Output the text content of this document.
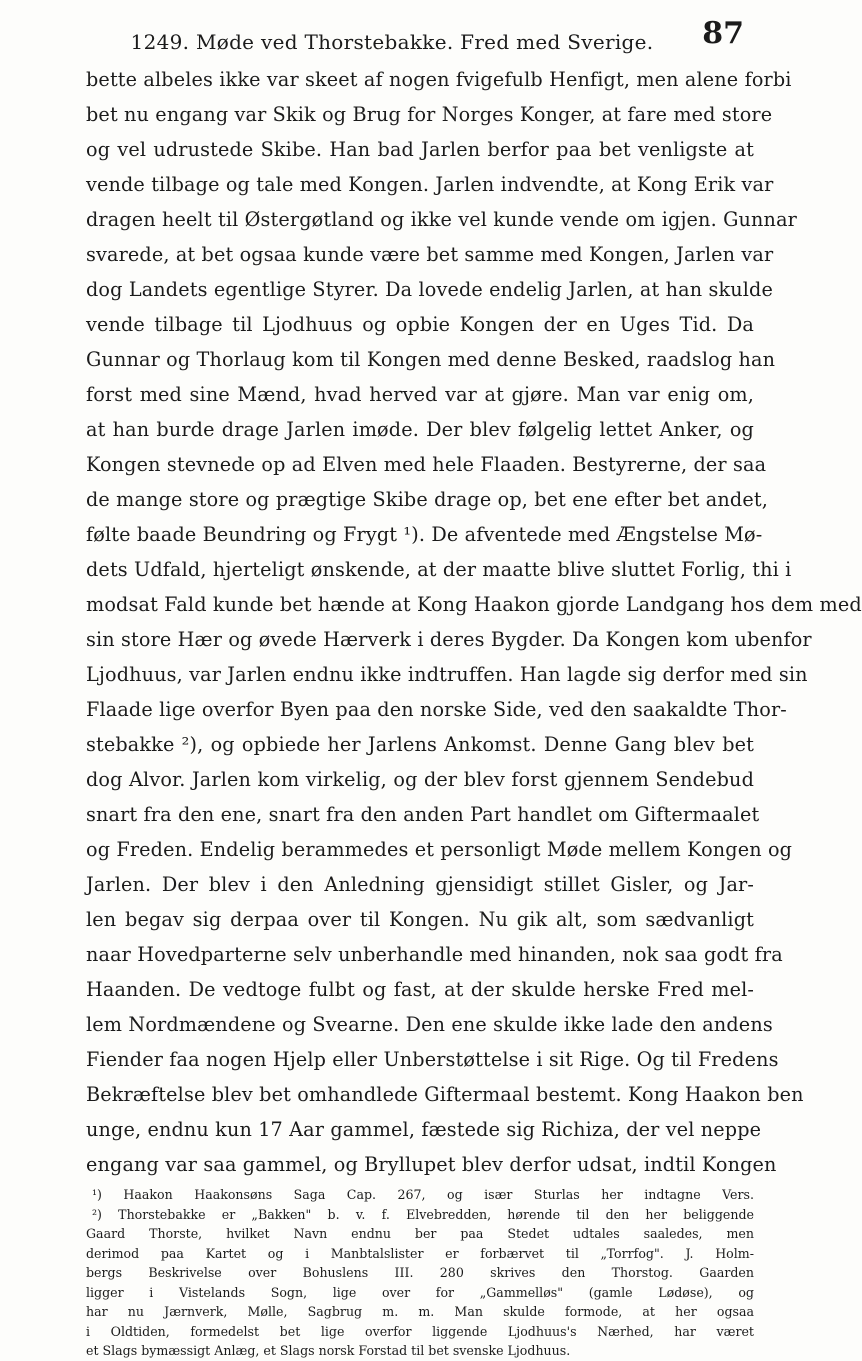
1249. Møde ved Thorstebakke. Fred med Sverige. 87
bette albeles ikke var skeet af nogen fvigefulb Henfigt, men alene forbi
bet nu engang var Skik og Brug for Norges Konger, at fare med store
og vel udrustede Skibe. Han bad Jarlen berfor paa bet venligste at
vende tilbage og tale med Kongen. Jarlen indvendte, at Kong Erik var
dragen heelt til Østergøtland og ikke vel kunde vende om igjen. Gunnar
svarede, at bet ogsaa kunde være bet samme med Kongen, Jarlen var
dog Landets egentlige Styrer. Da lovede endelig Jarlen, at han skulde
vende tilbage til Ljodhuus og opbie Kongen der en Uges Tid. Da
Gunnar og Thorlaug kom til Kongen med denne Besked, raadslog han
forst med sine Mænd, hvad herved var at gjøre. Man var enig om,
at han burde drage Jarlen imøde. Der blev følgelig lettet Anker, og
Kongen stevnede op ad Elven med hele Flaaden. Bestyrerne, der saa
de mange store og prægtige Skibe drage op, bet ene efter bet andet,
følte baade Beundring og Frygt ¹). De afventede med Ængstelse Mø-
dets Udfald, hjerteligt ønskende, at der maatte blive sluttet Forlig, thi i
modsat Fald kunde bet hænde at Kong Haakon gjorde Landgang hos dem med
sin store Hær og øvede Hærverk i deres Bygder. Da Kongen kom ubenfor
Ljodhuus, var Jarlen endnu ikke indtruffen. Han lagde sig derfor med sin
Flaade lige overfor Byen paa den norske Side, ved den saakaldte Thor-
stebakke ²), og opbiede her Jarlens Ankomst. Denne Gang blev bet
dog Alvor. Jarlen kom virkelig, og der blev forst gjennem Sendebud
snart fra den ene, snart fra den anden Part handlet om Giftermaalet
og Freden. Endelig berammedes et personligt Møde mellem Kongen og
Jarlen. Der blev i den Anledning gjensidigt stillet Gisler, og Jar-
len begav sig derpaa over til Kongen. Nu gik alt, som sædvanligt
naar Hovedparterne selv unberhandle med hinanden, nok saa godt fra
Haanden. De vedtoge fulbt og fast, at der skulde herske Fred mel-
lem Nordmændene og Svearne. Den ene skulde ikke lade den andens
Fiender faa nogen Hjelp eller Unberstøttelse i sit Rige. Og til Fredens
Bekræftelse blev bet omhandlede Giftermaal bestemt. Kong Haakon ben
unge, endnu kun 17 Aar gammel, fæstede sig Richiza, der vel neppe
engang var saa gammel, og Bryllupet blev derfor udsat, indtil Kongen
¹) Haakon Haakonsøns Saga Cap. 267, og især Sturlas her indtagne Vers.
²) Thorstebakke er „Bakken" b. v. f. Elvebredden, hørende til den her beliggende
Gaard Thorste, hvilket Navn endnu ber paa Stedet udtales saaledes, men
derimod paa Kartet og i Manbtalslister er forbærvet til „Torrfog". J. Holm-
bergs Beskrivelse over Bohuslens III. 280 skrives den Thorstog. Gaarden
ligger i Vistelands Sogn, lige over for „Gammelløs" (gamle Lødøse), og
har nu Jærnverk, Mølle, Sagbrug m. m. Man skulde formode, at her ogsaa
i Oldtiden, formedelst bet lige overfor liggende Ljodhuus's Nærhed, har været
et Slags bymæssigt Anlæg, et Slags norsk Forstad til bet svenske Ljodhuus.
